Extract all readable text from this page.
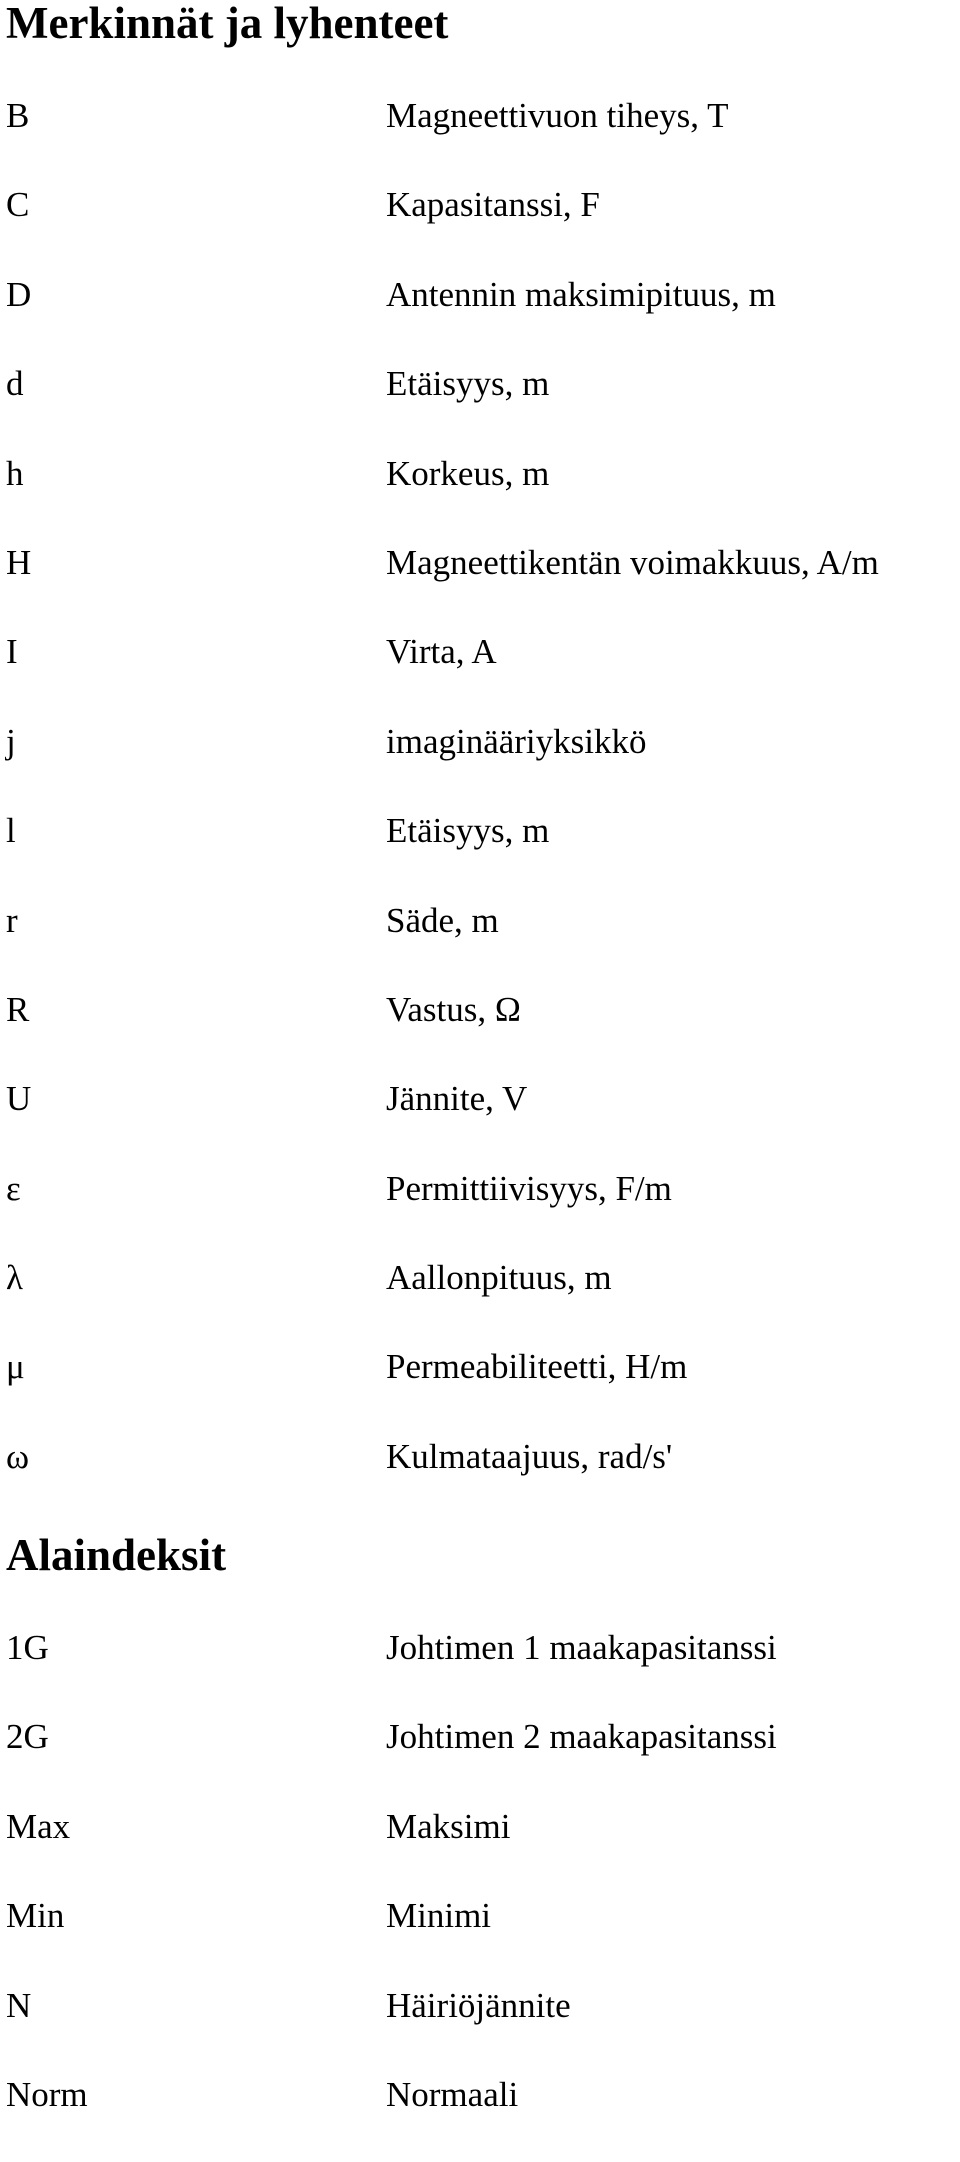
Merkinnät ja lyhenteet
B	Magneettivuon tiheys, T
C	Kapasitanssi, F
D	Antennin maksimipituus, m
d	Etäisyys, m
h	Korkeus, m
H	Magneettikentän voimakkuus, A/m
I	Virta, A
j	imaginääriyksikkö
l	Etäisyys, m
r	Säde, m
R	Vastus, Ω
U	Jännite, V
ε	Permittiivisyys, F/m
λ	Aallonpituus, m
μ	Permeabiliteetti, H/m
ω	Kulmataajuus, rad/s'
Alaindeksit
1G	Johtimen 1 maakapasitanssi
2G	Johtimen 2 maakapasitanssi
Max	Maksimi
Min	Minimi
N	Häiriöjännite
Norm	Normaali
